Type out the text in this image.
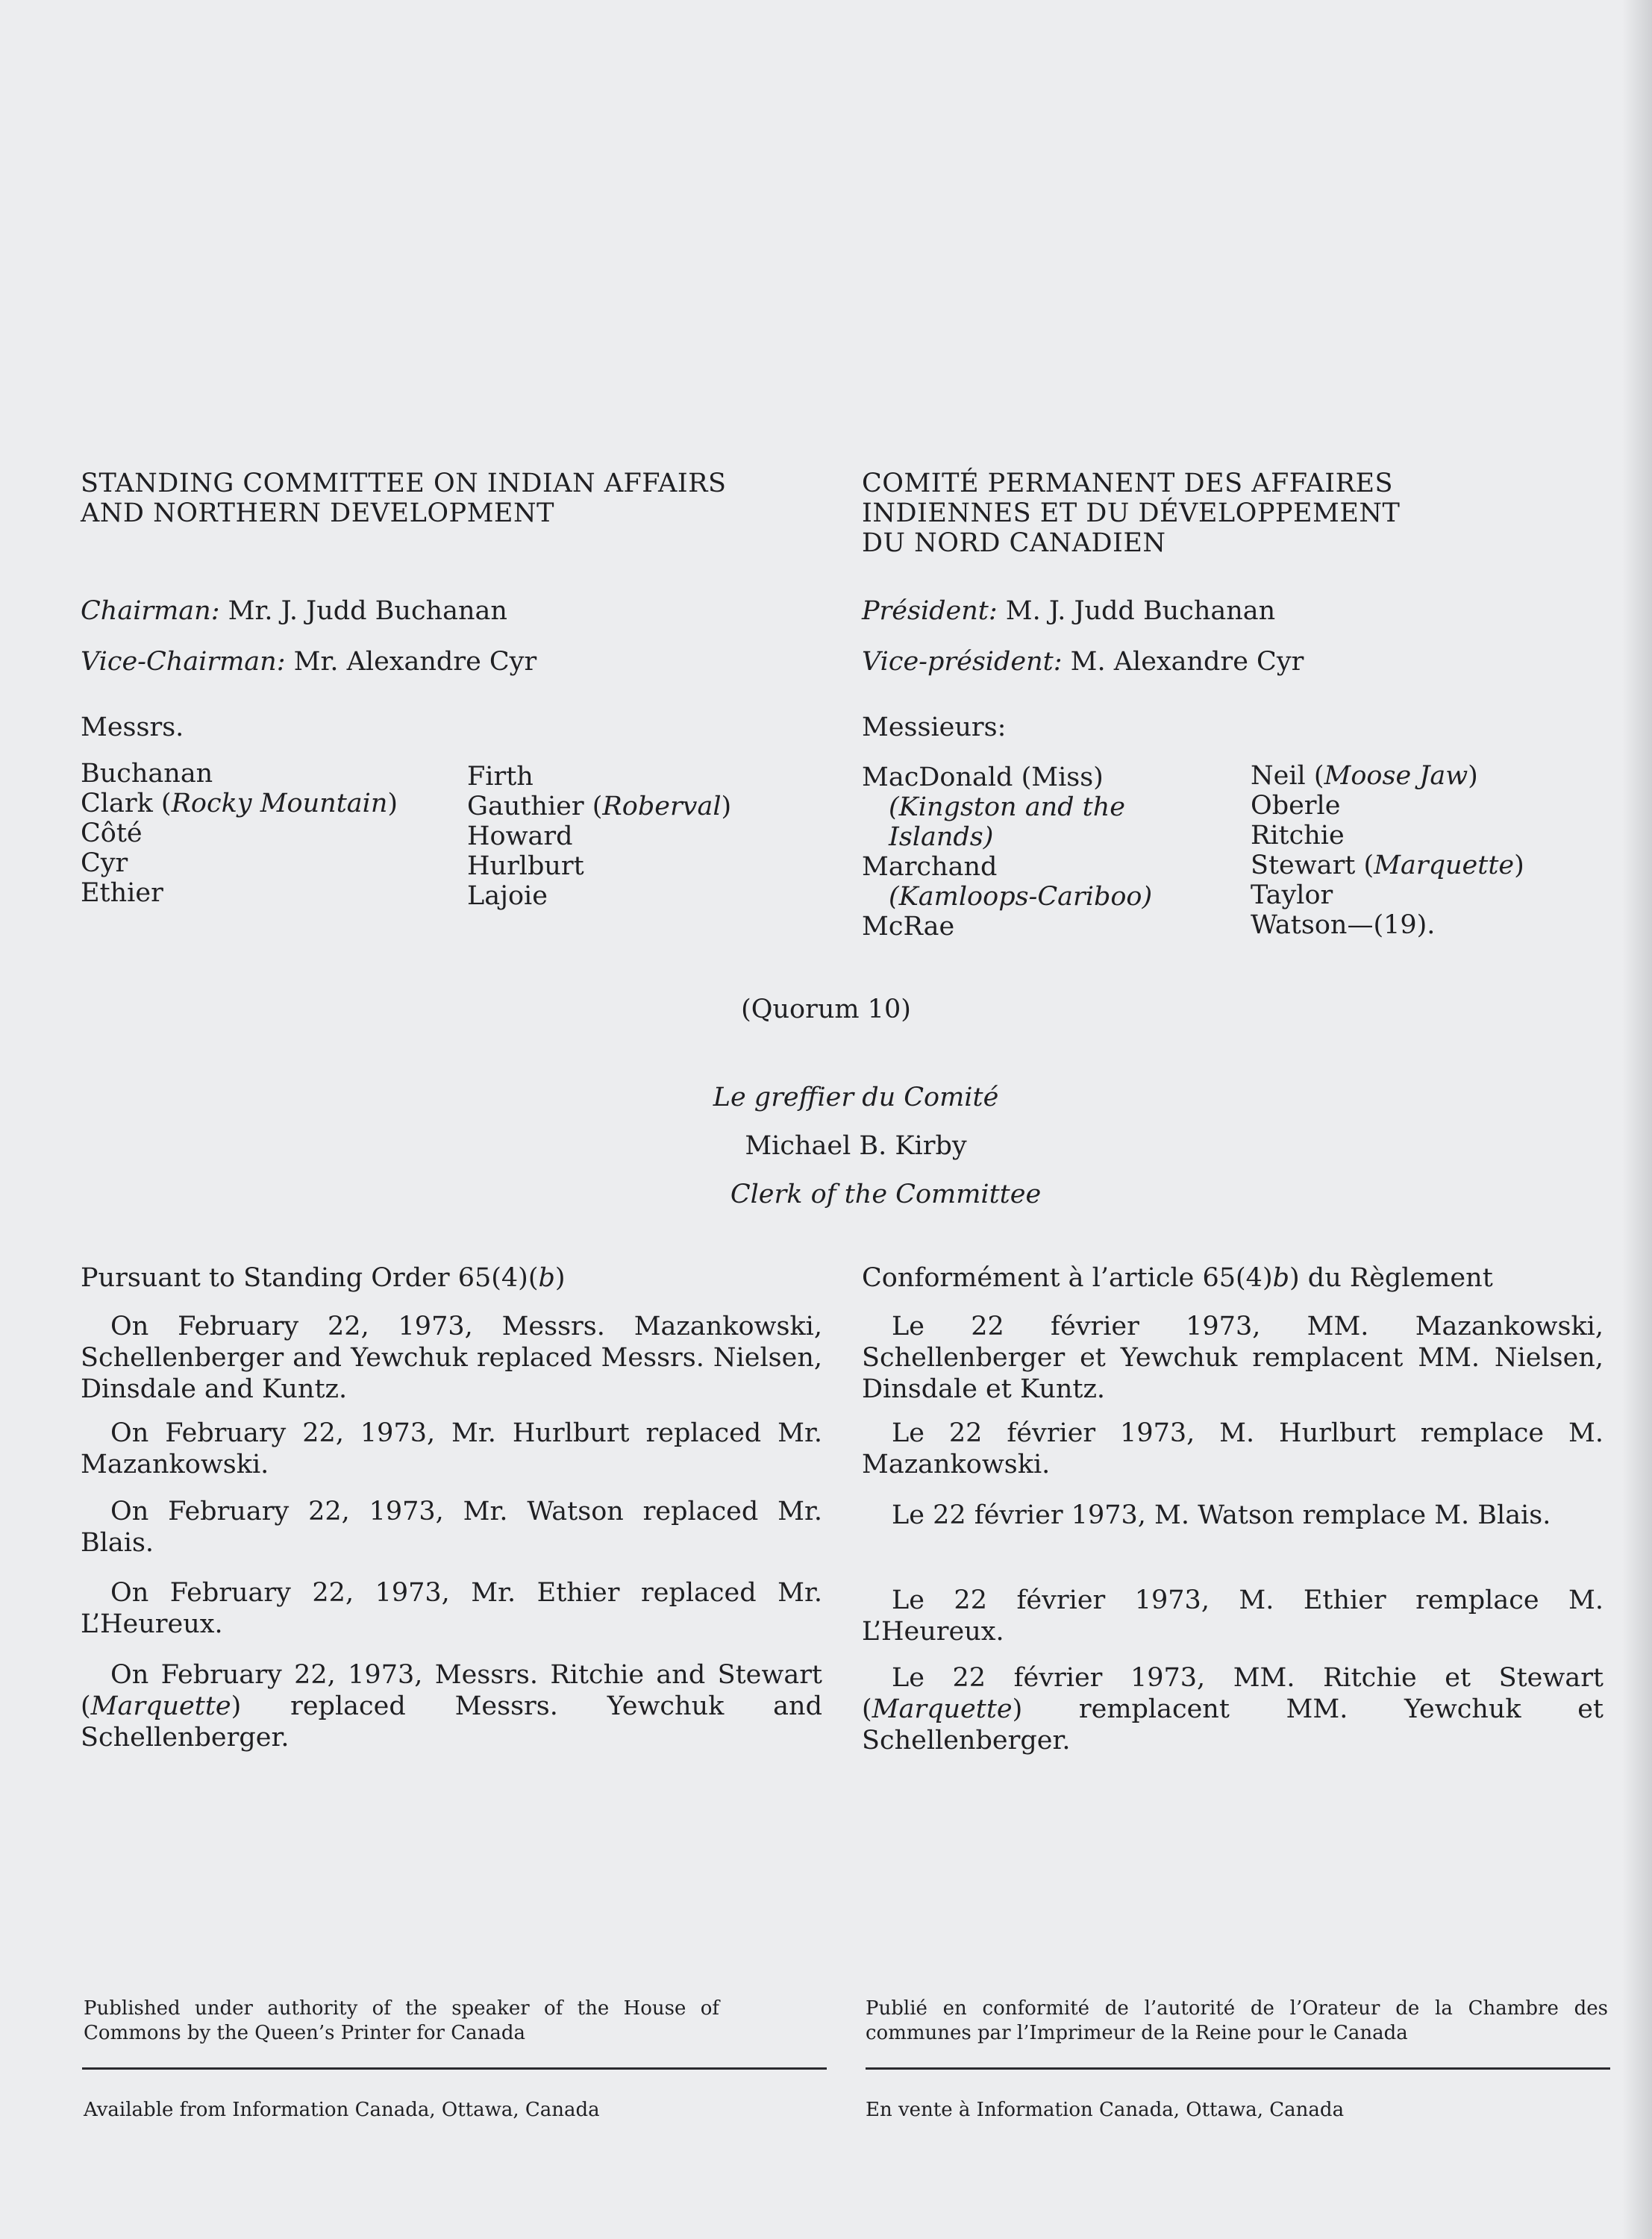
STANDING COMMITTEE ON INDIAN AFFAIRS

AND NORTHERN DEVELOPMENT

COMITÉ PERMANENT DES AFFAIRES

INDIENNES ET DU DÉVELOPPEMENT

DU NORD CANADIEN

Chairman: Mr. J. Judd Buchanan

Vice-Chairman: Mr. Alexandre Cyr

Président: M. J. Judd Buchanan

Vice-président: M. Alexandre Cyr

Messrs.	Messieurs:

Buchanan
Clark (Rocky Mountain)
Côté
Cyr
Ethier
Firth
Gauthier (Roberval)
Howard
Hurlburt
Lajoie
MacDonald (Miss)
(Kingston and the
Islands)
Marchand
(Kamloops-Cariboo)
McRae
Neil (Moose Jaw)
Oberle
Ritchie
Stewart (Marquette)
Taylor
Watson—(19).
(Quorum 10)
Le greffier du Comité
Michael B. Kirby
Clerk of the Committee

Pursuant to Standing Order 65(4)(b)	Conformément à l’article 65(4)b) du Règlement

On February 22, 1973, Messrs. Mazankowski, Schellenberger and Yewchuk replaced Messrs. Nielsen, Dinsdale and Kuntz.

On February 22, 1973, Mr. Hurlburt replaced Mr. Mazankowski.

On February 22, 1973, Mr. Watson replaced Mr. Blais.

On February 22, 1973, Mr. Ethier replaced Mr. L’Heureux.

On February 22, 1973, Messrs. Ritchie and Stewart (Marquette) replaced Messrs. Yewchuk and Schellenberger.

Le 22 février 1973, MM. Mazankowski, Schellenberger et Yewchuk remplacent MM. Nielsen, Dinsdale et Kuntz.

Le 22 février 1973, M. Hurlburt remplace M. Mazankowski.

Le 22 février 1973, M. Watson remplace M. Blais.

Le 22 février 1973, M. Ethier remplace M. L’Heureux.

Le 22 février 1973, MM. Ritchie et Stewart (Marquette) remplacent MM. Yewchuk et Schellenberger.

Published under authority of the speaker of the House of Commons by the Queen’s Printer for Canada
Publié en conformité de l’autorité de l’Orateur de la Chambre des communes par l’Imprimeur de la Reine pour le Canada
Available from Information Canada, Ottawa, Canada	En vente à Information Canada, Ottawa, Canada
